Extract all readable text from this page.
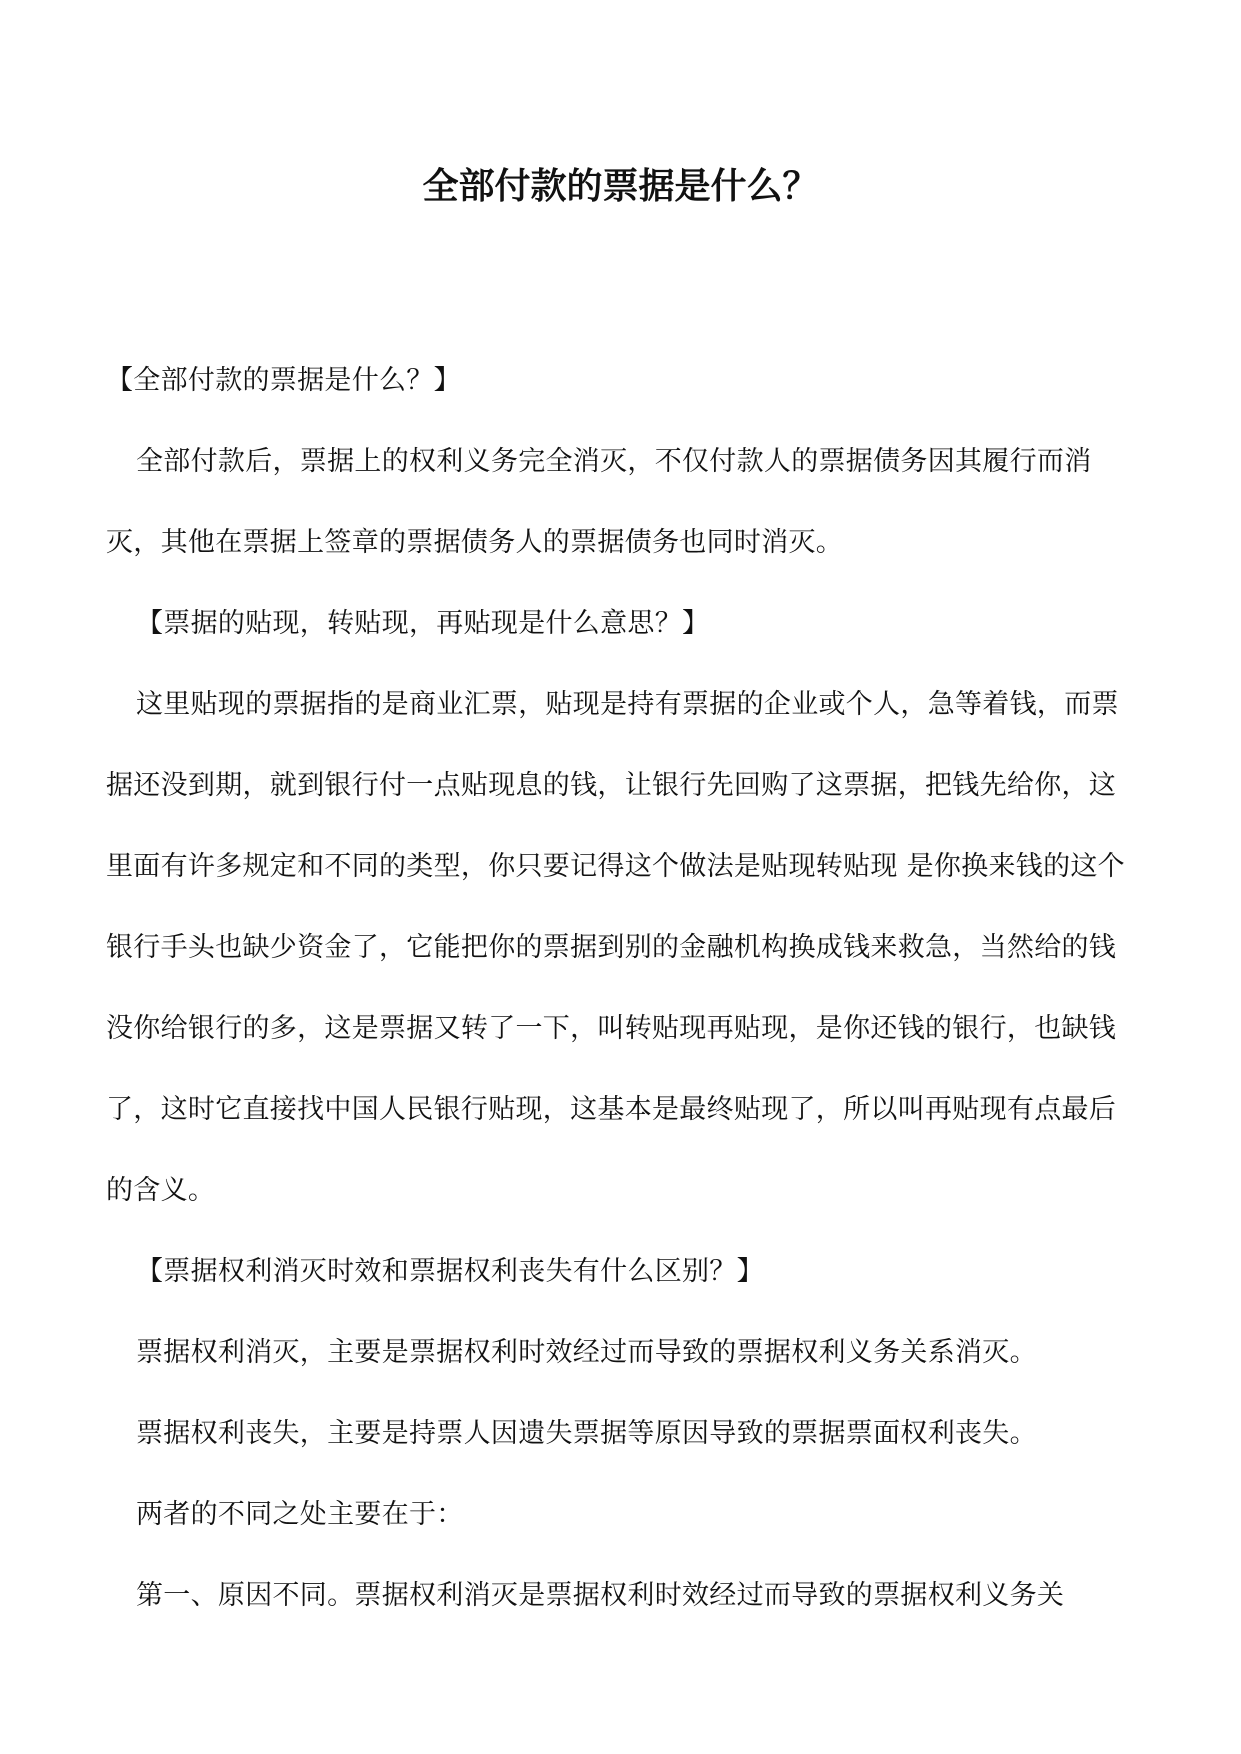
全部付款的票据是什么？

【全部付款的票据是什么？】

全部付款后，票据上的权利义务完全消灭，不仅付款人的票据债务因其履行而消灭，其他在票据上签章的票据债务人的票据债务也同时消灭。

【票据的贴现，转贴现，再贴现是什么意思？】

这里贴现的票据指的是商业汇票，贴现是持有票据的企业或个人，急等着钱，而票据还没到期，就到银行付一点贴现息的钱，让银行先回购了这票据，把钱先给你，这里面有许多规定和不同的类型，你只要记得这个做法是贴现转贴现 是你换来钱的这个银行手头也缺少资金了，它能把你的票据到别的金融机构换成钱来救急，当然给的钱没你给银行的多，这是票据又转了一下，叫转贴现再贴现，是你还钱的银行，也缺钱了，这时它直接找中国人民银行贴现，这基本是最终贴现了，所以叫再贴现有点最后的含义。

【票据权利消灭时效和票据权利丧失有什么区别？】

票据权利消灭，主要是票据权利时效经过而导致的票据权利义务关系消灭。

票据权利丧失，主要是持票人因遗失票据等原因导致的票据票面权利丧失。

两者的不同之处主要在于：

第一、原因不同。票据权利消灭是票据权利时效经过而导致的票据权利义务关
